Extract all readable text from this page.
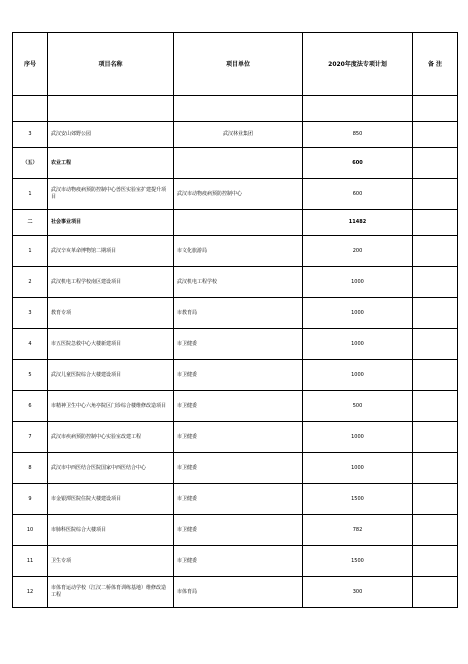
序号	项目名称	项目单位	2020年度法专项计划	备 注

3	武汉安山郊野公园	武汉林业集团	850	
（五）	农业工程		600	
1	武汉市动物疫病预防控制中心兽医实验室扩建提升项目	武汉市动物疫病预防控制中心	600	
二	社会事业项目		11482	
1	武汉辛亥革命博物馆二期项目	市文化旅游局	200	
2	武汉机电工程学校南区建设项目	武汉机电工程学校	1000	
3	教育专项	市教育局	1000	
4	市五医院急救中心大楼新建项目	市卫健委	1000	
5	武汉儿童医院综合大楼建设项目	市卫健委	1000	
6	市精神卫生中心六角亭院区门诊综合楼维修改造项目	市卫健委	500	
7	武汉市疾病预防控制中心实验室改建工程	市卫健委	1000	
8	武汉市中西医结合医院国家中西医结合中心	市卫健委	1000	
9	市金银潭医院住院大楼建设项目	市卫健委	1500	
10	市肺科医院综合大楼项目	市卫健委	782	
11	卫生专项	市卫健委	1500	
12	市体育运动学校（江汉二桥体育训练基地）维修改造工程	市体育局	300	
